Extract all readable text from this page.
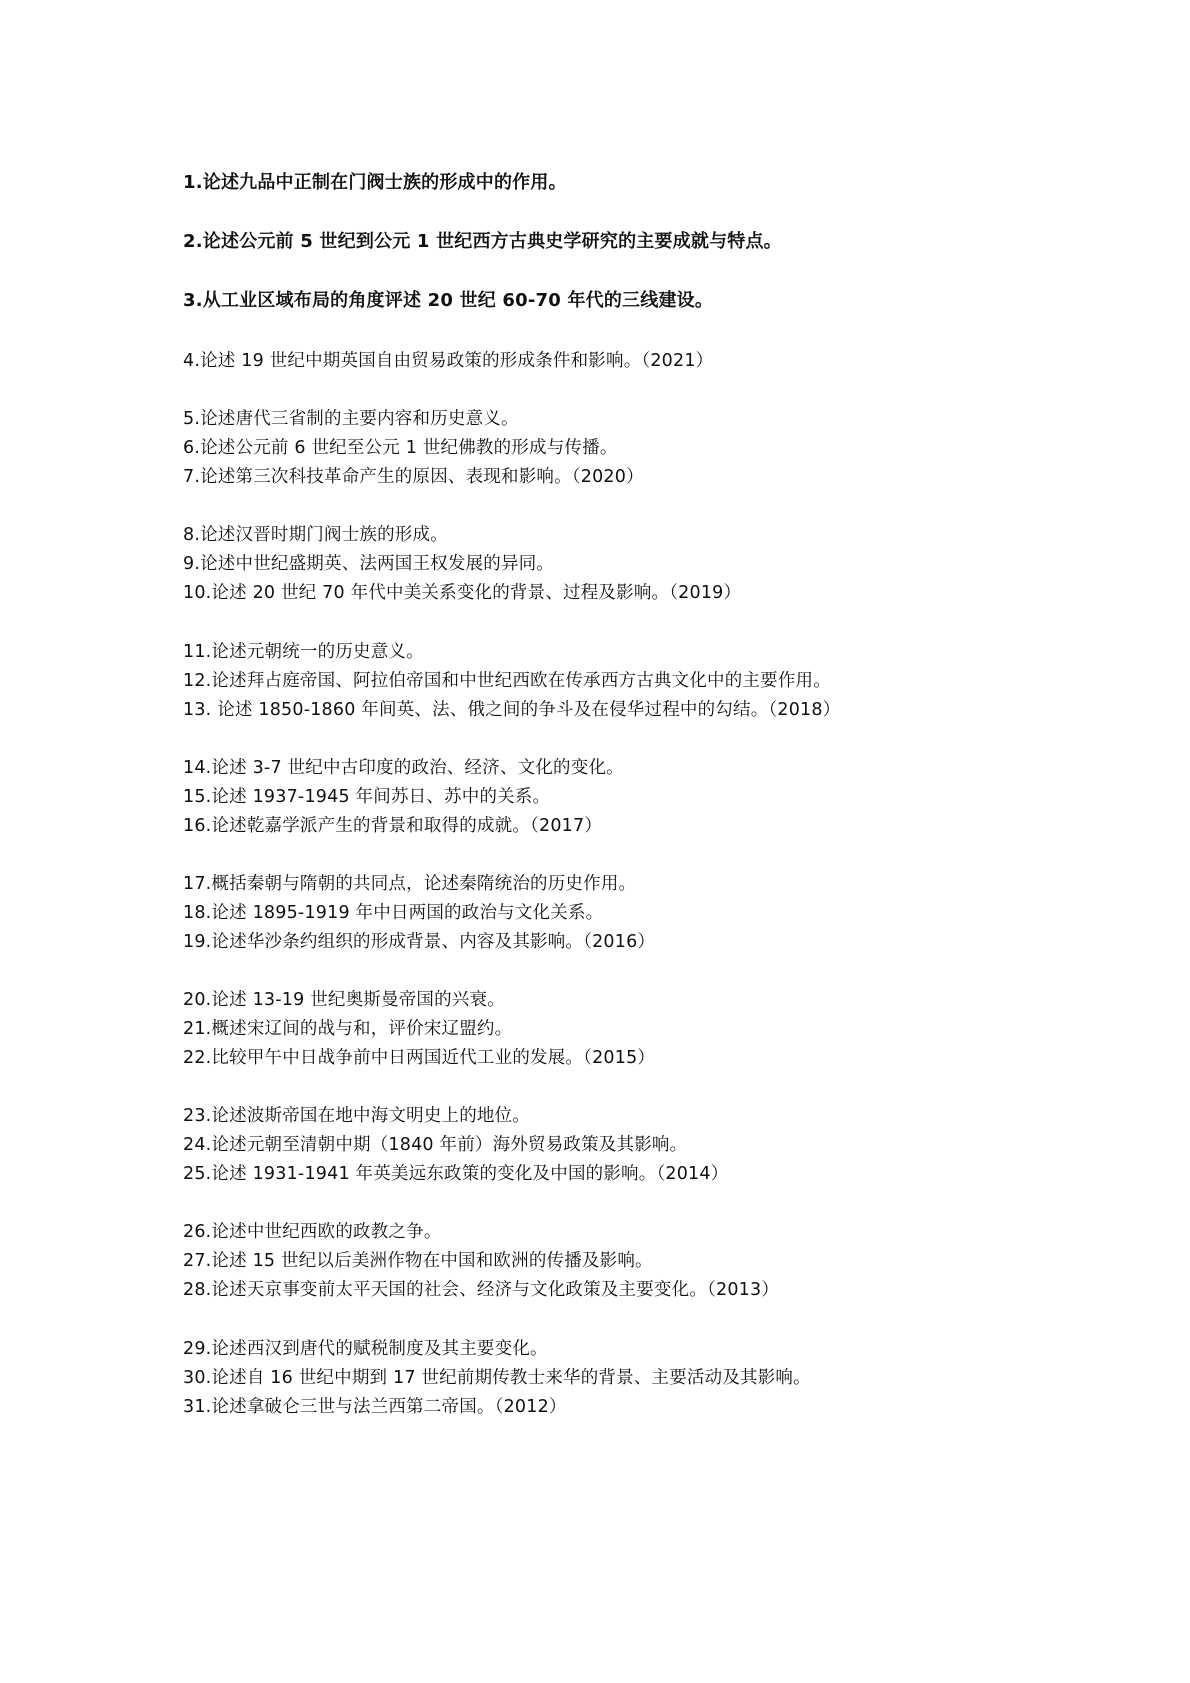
1.论述九品中正制在门阀士族的形成中的作用。

2.论述公元前 5 世纪到公元 1 世纪西方古典史学研究的主要成就与特点。

3.从工业区域布局的角度评述 20 世纪 60-70 年代的三线建设。

4.论述 19 世纪中期英国自由贸易政策的形成条件和影响。（2021）

5.论述唐代三省制的主要内容和历史意义。

6.论述公元前 6 世纪至公元 1 世纪佛教的形成与传播。

7.论述第三次科技革命产生的原因、表现和影响。（2020）

8.论述汉晋时期门阀士族的形成。

9.论述中世纪盛期英、法两国王权发展的异同。

10.论述 20 世纪 70 年代中美关系变化的背景、过程及影响。（2019）

11.论述元朝统一的历史意义。

12.论述拜占庭帝国、阿拉伯帝国和中世纪西欧在传承西方古典文化中的主要作用。

13. 论述 1850-1860 年间英、法、俄之间的争斗及在侵华过程中的勾结。（2018）

14.论述 3-7 世纪中古印度的政治、经济、文化的变化。

15.论述 1937-1945 年间苏日、苏中的关系。

16.论述乾嘉学派产生的背景和取得的成就。（2017）

17.概括秦朝与隋朝的共同点，论述秦隋统治的历史作用。

18.论述 1895-1919 年中日两国的政治与文化关系。

19.论述华沙条约组织的形成背景、内容及其影响。（2016）

20.论述 13-19 世纪奥斯曼帝国的兴衰。

21.概述宋辽间的战与和，评价宋辽盟约。

22.比较甲午中日战争前中日两国近代工业的发展。（2015）

23.论述波斯帝国在地中海文明史上的地位。

24.论述元朝至清朝中期（1840 年前）海外贸易政策及其影响。

25.论述 1931-1941 年英美远东政策的变化及中国的影响。（2014）

26.论述中世纪西欧的政教之争。

27.论述 15 世纪以后美洲作物在中国和欧洲的传播及影响。

28.论述天京事变前太平天国的社会、经济与文化政策及主要变化。（2013）

29.论述西汉到唐代的赋税制度及其主要变化。

30.论述自 16 世纪中期到 17 世纪前期传教士来华的背景、主要活动及其影响。

31.论述拿破仑三世与法兰西第二帝国。（2012）
